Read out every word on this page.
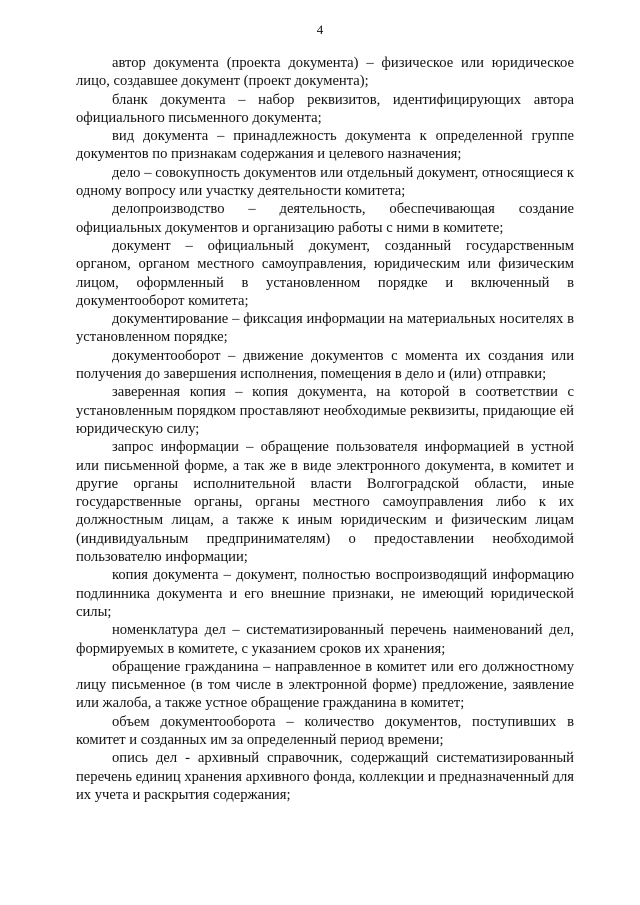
4

автор документа (проекта документа) – физическое или юридическое лицо, создавшее документ (проект документа);

бланк документа – набор реквизитов, идентифицирующих автора официального письменного документа;

вид документа – принадлежность документа к определенной группе документов по признакам содержания и целевого назначения;

дело – совокупность документов или отдельный документ, относящиеся к одному вопросу или участку деятельности комитета;

делопроизводство – деятельность, обеспечивающая создание официальных документов и организацию работы с ними в комитете;

документ – официальный документ, созданный государственным органом, органом местного самоуправления, юридическим или физическим лицом, оформленный в установленном порядке и включенный в документооборот комитета;

документирование – фиксация информации на материальных носителях в установленном порядке;

документооборот – движение документов с момента их создания или получения до завершения исполнения, помещения в дело и (или) отправки;

заверенная копия – копия документа, на которой в соответствии с установленным порядком проставляют необходимые реквизиты, придающие ей юридическую силу;

запрос информации – обращение пользователя информацией в устной или письменной форме, а так же в виде электронного документа, в комитет и другие органы исполнительной власти Волгоградской области, иные государственные органы, органы местного самоуправления либо к их должностным лицам, а также к иным юридическим и физическим лицам (индивидуальным предпринимателям) о предоставлении необходимой пользователю информации;

копия документа – документ, полностью воспроизводящий информацию подлинника документа и его внешние признаки, не имеющий юридической силы;

номенклатура дел – систематизированный перечень наименований дел, формируемых в комитете, с указанием сроков их хранения;

обращение гражданина – направленное в комитет или его должностному лицу письменное (в том числе в электронной форме) предложение, заявление или жалоба, а также устное обращение гражданина в комитет;

объем документооборота – количество документов, поступивших в комитет и созданных им за определенный период времени;

опись дел - архивный справочник, содержащий систематизированный перечень единиц хранения архивного фонда, коллекции и предназначенный для их учета и раскрытия содержания;
